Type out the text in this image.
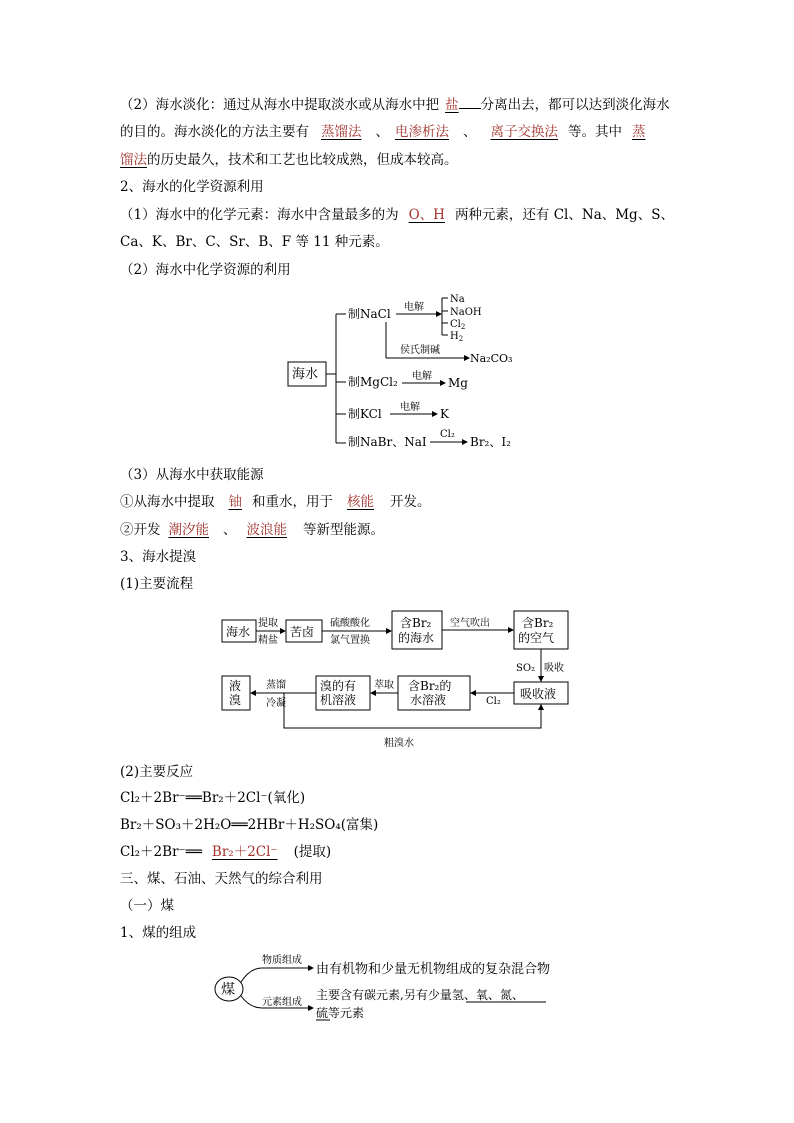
（2）海水淡化：通过从海水中提取淡水或从海水中把 盐 分离出去，都可以达到淡化海水
的目的。海水淡化的方法主要有 蒸馏法 、 电渗析法 、 离子交换法 等。其中 蒸
馏法的历史最久，技术和工艺也比较成熟，但成本较高。
2、海水的化学资源利用
（1）海水中的化学元素：海水中含量最多的为 O、H 两种元素，还有 Cl、Na、Mg、S、
Ca、K、Br、C、Sr、B、F 等 11 种元素。
（2）海水中化学资源的利用
海水
制NaCl 电解
Na
NaOH
$Cl_2$
$H_2$
侯氏制碱
Na₂CO₃
制MgCl₂ 电解 Mg
制KCl 电解 K
制NaBr、NaI
Cl₂
Br₂、I₂
（3）从海水中获取能源
①从海水中提取 铀 和重水，用于 核能 开发。
②开发 潮汐能 、 波浪能 等新型能源。
3、海水提溴
(1)主要流程
海水
提取
精盐
苦卤
硫酸酸化
氯气置换
含Br₂
的海水
空气吹出	含Br₂
的空气
SO₂ 吸收
吸收液
Cl₂
含Br₂的
水溶液
萃取
溴的有
机溶液
蒸馏
冷凝
液
溴
粗溴水
(2)主要反应
Cl₂＋2Br⁻══Br₂＋2Cl⁻(氧化)
Br₂＋SO₃＋2H₂O══2HBr＋H₂SO₄(富集)
Cl₂＋2Br⁻══ Br₂＋2Cl⁻ (提取)
三、煤、石油、天然气的综合利用
（一）煤
1、煤的组成
煤
物质组成
由有机物和少量无机物组成的复杂混合物
元素组成
主要含有碳元素,另有少量氢、氧、氮、
硫等元素
